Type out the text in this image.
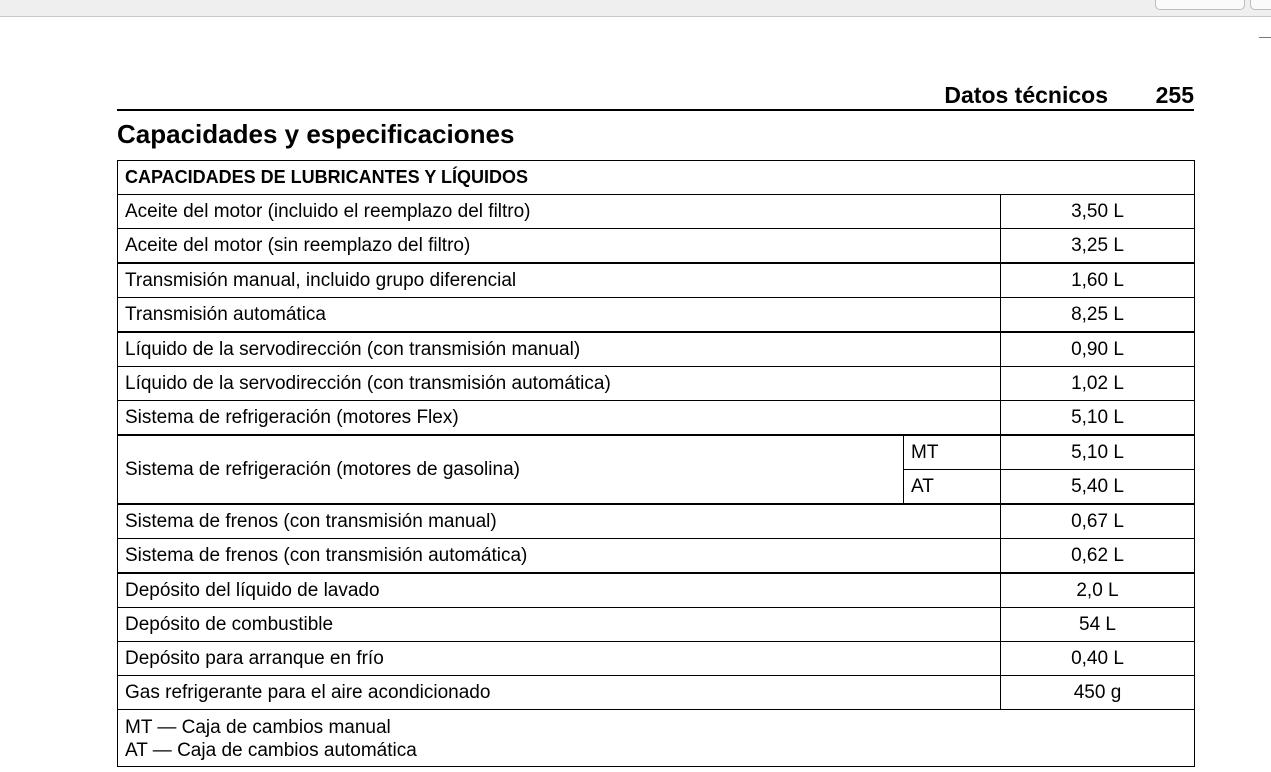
Datos técnicos 255
Capacidades y especificaciones
CAPACIDADES DE LUBRICANTES Y LÍQUIDOS		
Aceite del motor (incluido el reemplazo del filtro)		3,50 L
Aceite del motor (sin reemplazo del filtro)		3,25 L
Transmisión manual, incluido grupo diferencial		1,60 L
Transmisión automática		8,25 L
Líquido de la servodirección (con transmisión manual)		0,90 L
Líquido de la servodirección (con transmisión automática)		1,02 L
Sistema de refrigeración (motores Flex)		5,10 L
Sistema de refrigeración (motores de gasolina)	MT	5,10 L
	AT	5,40 L
Sistema de frenos (con transmisión manual)		0,67 L
Sistema de frenos (con transmisión automática)		0,62 L
Depósito del líquido de lavado		2,0 L
Depósito de combustible		54 L
Depósito para arranque en frío		0,40 L
Gas refrigerante para el aire acondicionado		450 g

MT — Caja de cambios manual
AT — Caja de cambios automática		
